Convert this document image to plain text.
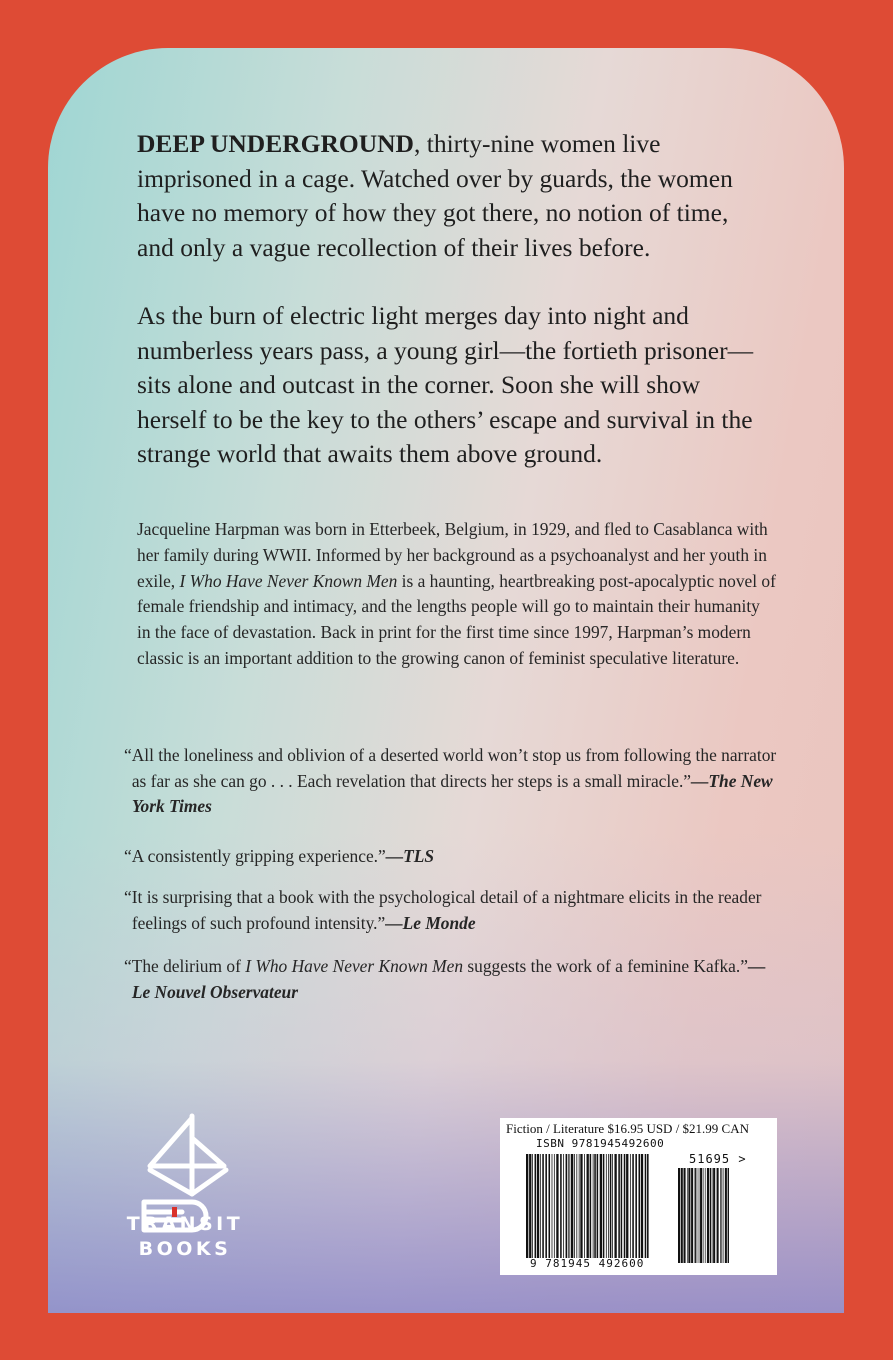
DEEP UNDERGROUND, thirty-nine women live imprisoned in a cage. Watched over by guards, the women have no memory of how they got there, no notion of time, and only a vague recollection of their lives before.

As the burn of electric light merges day into night and numberless years pass, a young girl—the fortieth prisoner—sits alone and outcast in the corner. Soon she will show herself to be the key to the others’ escape and survival in the strange world that awaits them above ground.

Jacqueline Harpman was born in Etterbeek, Belgium, in 1929, and fled to Casablanca with her family during WWII. Informed by her background as a psychoanalyst and her youth in exile, I Who Have Never Known Men is a haunting, heartbreaking post-apocalyptic novel of female friendship and intimacy, and the lengths people will go to maintain their humanity in the face of devastation. Back in print for the first time since 1997, Harpman’s modern classic is an important addition to the growing canon of feminist speculative literature.

“All the loneliness and oblivion of a deserted world won’t stop us from following the narrator as far as she can go . . . Each revelation that directs her steps is a small miracle.”—The New York Times

“A consistently gripping experience.”—TLS

“It is surprising that a book with the psychological detail of a nightmare elicits in the reader feelings of such profound intensity.”—Le Monde

“The delirium of I Who Have Never Known Men suggests the work of a feminine Kafka.”—Le Nouvel Observateur

TRANSIT
BOOKS
Fiction / Literature $16.95 USD / $21.99 CAN
ISBN 9781945492600
51695 >
9 781945 492600
